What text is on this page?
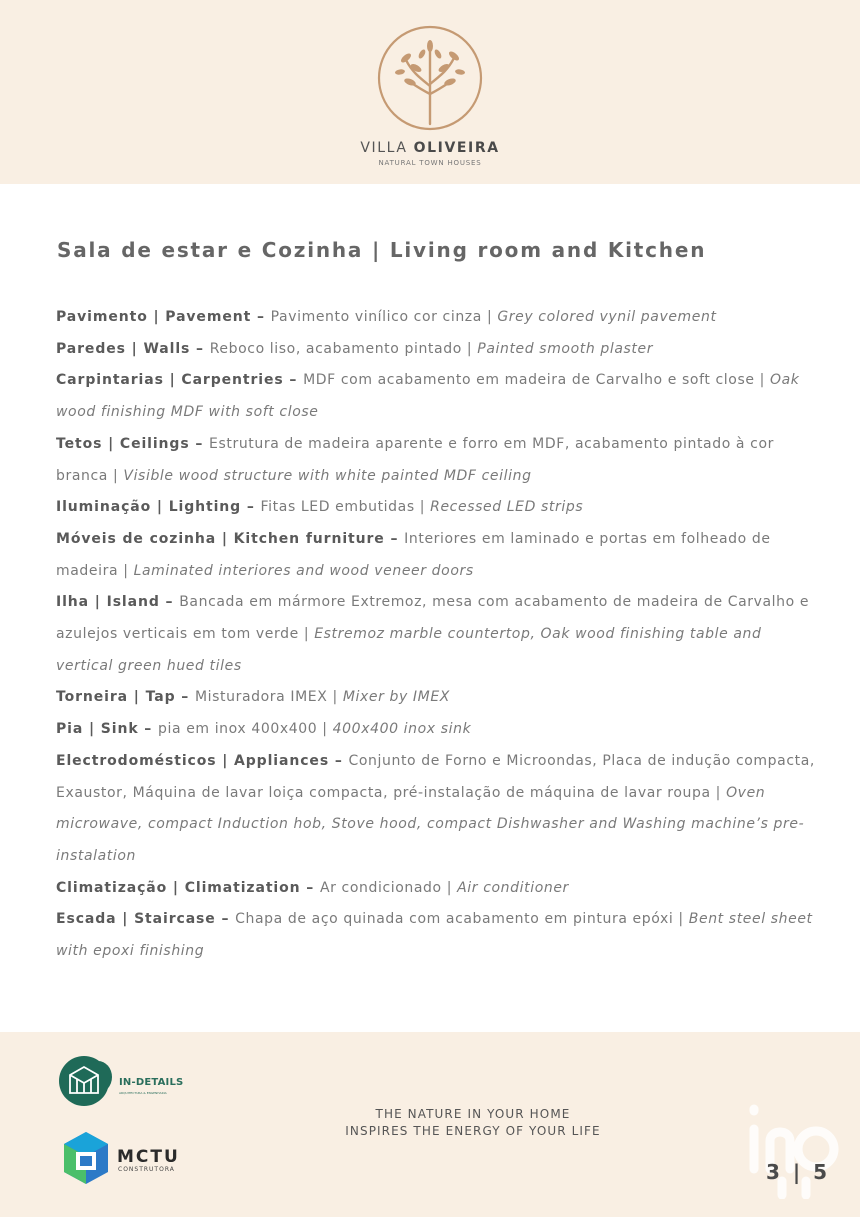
VILLA OLIVEIRA
NATURAL TOWN HOUSES
Sala de estar e Cozinha | Living room and Kitchen

Pavimento | Pavement – Pavimento vinílico cor cinza | Grey colored vynil pavement

Paredes | Walls – Reboco liso, acabamento pintado | Painted smooth plaster

Carpintarias | Carpentries – MDF com acabamento em madeira de Carvalho e soft close | Oak wood finishing MDF with soft close

Tetos | Ceilings – Estrutura de madeira aparente e forro em MDF, acabamento pintado à cor branca | Visible wood structure with white painted MDF ceiling

Iluminação | Lighting – Fitas LED embutidas | Recessed LED strips

Móveis de cozinha | Kitchen furniture – Interiores em laminado e portas em folheado de madeira | Laminated interiores and wood veneer doors

Ilha | Island – Bancada em mármore Extremoz, mesa com acabamento de madeira de Carvalho e azulejos verticais em tom verde | Estremoz marble countertop, Oak wood finishing table and vertical green hued tiles

Torneira | Tap – Misturadora IMEX | Mixer by IMEX

Pia | Sink – pia em inox 400x400 | 400x400 inox sink

Electrodomésticos | Appliances – Conjunto de Forno e Microondas, Placa de indução compacta, Exaustor, Máquina de lavar loiça compacta, pré-instalação de máquina de lavar roupa | Oven microwave, compact Induction hob, Stove hood, compact Dishwasher and Washing machine’s pre-instalation

Climatização | Climatization – Ar condicionado | Air conditioner

Escada | Staircase – Chapa de aço quinada com acabamento em pintura epóxi | Bent steel sheet with epoxi finishing

IN-DETAILS
ARQUITECTURA & ENGENHARIA
MCTU
CONSTRUTORA
THE NATURE IN YOUR HOME
INSPIRES THE ENERGY OF YOUR LIFE
3 | 5
